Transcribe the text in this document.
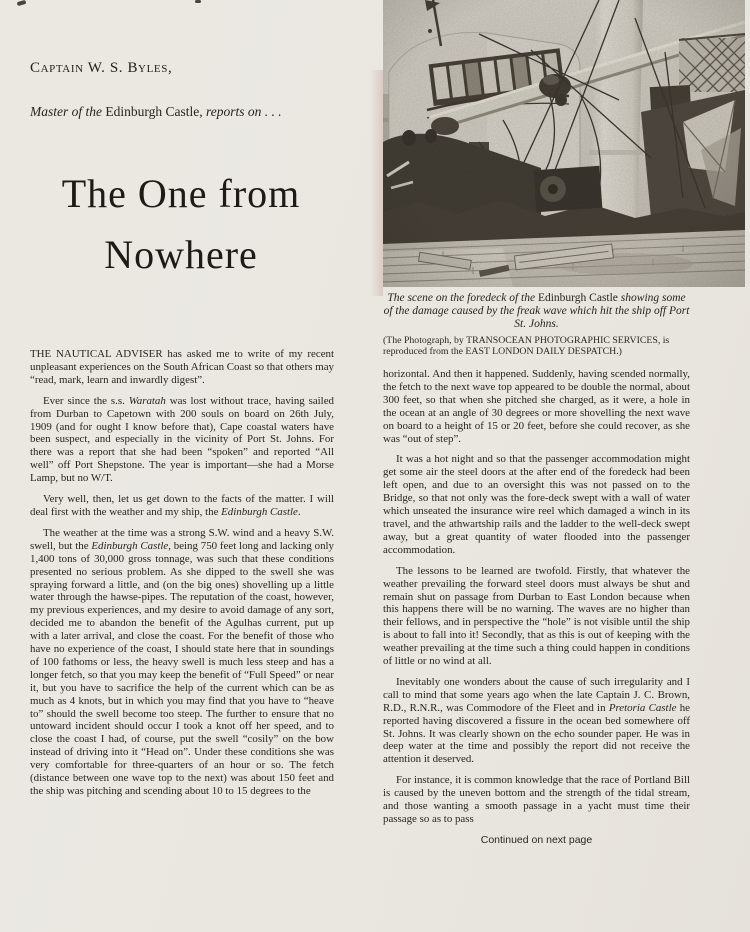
Captain W. S. Byles,
Master of the Edinburgh Castle, reports on . . .
The One from
Nowhere
The scene on the foredeck of the Edinburgh Castle showing some of the damage caused by the freak wave which hit the ship off Port St. Johns.
(The Photograph, by TRANSOCEAN PHOTOGRAPHIC SERVICES, is reproduced from the EAST LONDON DAILY DESPATCH.)

THE NAUTICAL ADVISER has asked me to write of my recent unpleasant experiences on the South African Coast so that others may “read, mark, learn and inwardly digest”.

Ever since the s.s. Waratah was lost without trace, having sailed from Durban to Capetown with 200 souls on board on 26th July, 1909 (and for ought I know before that), Cape coastal waters have been suspect, and especially in the vicinity of Port St. Johns. For there was a report that she had been “spoken” and reported “All well” off Port Shepstone. The year is important—she had a Morse Lamp, but no W/T.

Very well, then, let us get down to the facts of the matter. I will deal first with the weather and my ship, the Edinburgh Castle.

The weather at the time was a strong S.W. wind and a heavy S.W. swell, but the Edinburgh Castle, being 750 feet long and lacking only 1,400 tons of 30,000 gross tonnage, was such that these conditions presented no serious problem. As she dipped to the swell she was spraying forward a little, and (on the big ones) shovelling up a little water through the hawse-pipes. The reputation of the coast, however, my previous experiences, and my desire to avoid damage of any sort, decided me to abandon the benefit of the Agulhas current, put up with a later arrival, and close the coast. For the benefit of those who have no experience of the coast, I should state here that in soundings of 100 fathoms or less, the heavy swell is much less steep and has a longer fetch, so that you may keep the benefit of “Full Speed” or near it, but you have to sacrifice the help of the current which can be as much as 4 knots, but in which you may find that you have to “heave to” should the swell become too steep. The further to ensure that no untoward incident should occur I took a knot off her speed, and to close the coast I had, of course, put the swell “cosily” on the bow instead of driving into it “Head on”. Under these conditions she was very comfortable for three-quarters of an hour or so. The fetch (distance between one wave top to the next) was about 150 feet and the ship was pitching and scending about 10 to 15 degrees to the

horizontal. And then it happened. Suddenly, having scended normally, the fetch to the next wave top appeared to be double the normal, about 300 feet, so that when she pitched she charged, as it were, a hole in the ocean at an angle of 30 degrees or more shovelling the next wave on board to a height of 15 or 20 feet, before she could recover, as she was “out of step”.

It was a hot night and so that the passenger accommodation might get some air the steel doors at the after end of the foredeck had been left open, and due to an oversight this was not passed on to the Bridge, so that not only was the fore-deck swept with a wall of water which unseated the insurance wire reel which damaged a winch in its travel, and the athwartship rails and the ladder to the well-deck swept away, but a great quantity of water flooded into the passenger accommodation.

The lessons to be learned are twofold. Firstly, that whatever the weather prevailing the forward steel doors must always be shut and remain shut on passage from Durban to East London because when this happens there will be no warning. The waves are no higher than their fellows, and in perspective the “hole” is not visible until the ship is about to fall into it! Secondly, that as this is out of keeping with the weather prevailing at the time such a thing could happen in conditions of little or no wind at all.

Inevitably one wonders about the cause of such irregularity and I call to mind that some years ago when the late Captain J. C. Brown, R.D., R.N.R., was Commodore of the Fleet and in Pretoria Castle he reported having discovered a fissure in the ocean bed somewhere off St. Johns. It was clearly shown on the echo sounder paper. He was in deep water at the time and possibly the report did not receive the attention it deserved.

For instance, it is common knowledge that the race of Portland Bill is caused by the uneven bottom and the strength of the tidal stream, and those wanting a smooth passage in a yacht must time their passage so as to pass

Continued on next page
